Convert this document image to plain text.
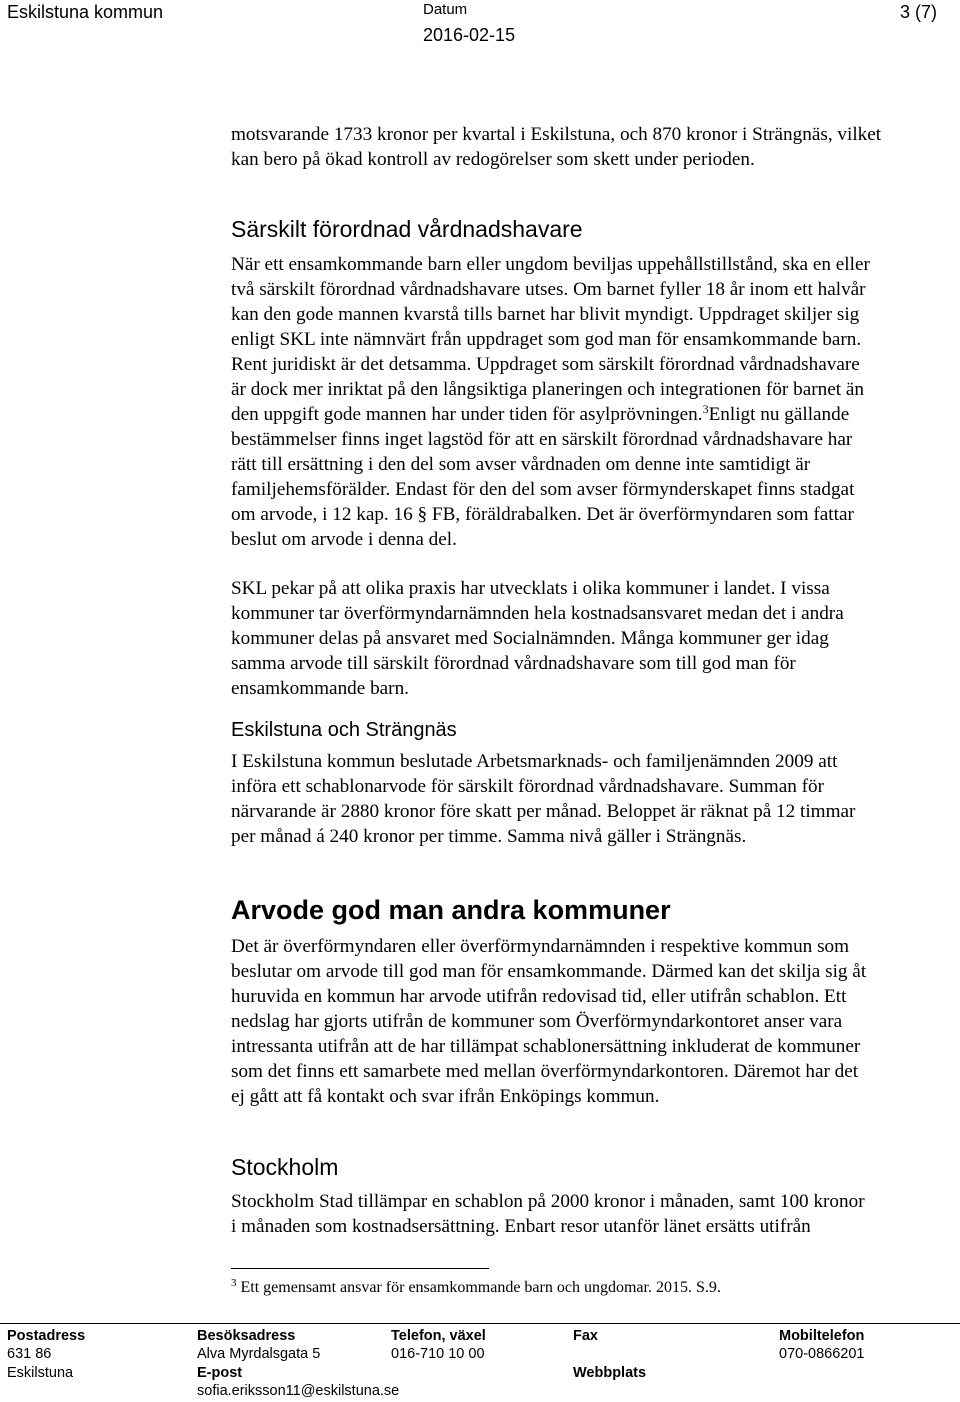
Eskilstuna kommun	Datum
2016-02-15
3 (7)
motsvarande 1733 kronor per kvartal i Eskilstuna, och 870 kronor i Strängnäs, vilket
kan bero på ökad kontroll av redogörelser som skett under perioden.
Särskilt förordnad vårdnadshavare
När ett ensamkommande barn eller ungdom beviljas uppehållstillstånd, ska en eller
två särskilt förordnad vårdnadshavare utses. Om barnet fyller 18 år inom ett halvår
kan den gode mannen kvarstå tills barnet har blivit myndigt. Uppdraget skiljer sig
enligt SKL inte nämnvärt från uppdraget som god man för ensamkommande barn.
Rent juridiskt är det detsamma. Uppdraget som särskilt förordnad vårdnadshavare
är dock mer inriktat på den långsiktiga planeringen och integrationen för barnet än
den uppgift gode mannen har under tiden för asylprövningen.$^3$Enligt nu gällande
bestämmelser finns inget lagstöd för att en särskilt förordnad vårdnadshavare har
rätt till ersättning i den del som avser vårdnaden om denne inte samtidigt är
familjehemsförälder. Endast för den del som avser förmynderskapet finns stadgat
om arvode, i 12 kap. 16 § FB, föräldrabalken. Det är överförmyndaren som fattar
beslut om arvode i denna del.
SKL pekar på att olika praxis har utvecklats i olika kommuner i landet. I vissa
kommuner tar överförmyndarnämnden hela kostnadsansvaret medan det i andra
kommuner delas på ansvaret med Socialnämnden. Många kommuner ger idag
samma arvode till särskilt förordnad vårdnadshavare som till god man för
ensamkommande barn.
Eskilstuna och Strängnäs
I Eskilstuna kommun beslutade Arbetsmarknads- och familjenämnden 2009 att
införa ett schablonarvode för särskilt förordnad vårdnadshavare. Summan för
närvarande är 2880 kronor före skatt per månad. Beloppet är räknat på 12 timmar
per månad á 240 kronor per timme. Samma nivå gäller i Strängnäs.
Arvode god man andra kommuner
Det är överförmyndaren eller överförmyndarnämnden i respektive kommun som
beslutar om arvode till god man för ensamkommande. Därmed kan det skilja sig åt
huruvida en kommun har arvode utifrån redovisad tid, eller utifrån schablon. Ett
nedslag har gjorts utifrån de kommuner som Överförmyndarkontoret anser vara
intressanta utifrån att de har tillämpat schablonersättning inkluderat de kommuner
som det finns ett samarbete med mellan överförmyndarkontoren. Däremot har det
ej gått att få kontakt och svar ifrån Enköpings kommun.
Stockholm
Stockholm Stad tillämpar en schablon på 2000 kronor i månaden, samt 100 kronor
i månaden som kostnadsersättning. Enbart resor utanför länet ersätts utifrån
$^3$ Ett gemensamt ansvar för ensamkommande barn och ungdomar. 2015. S.9.
Postadress
631 86
Eskilstuna
Besöksadress
Alva Myrdalsgata 5
E-post
sofia.eriksson11@eskilstuna.se
Telefon, växel
016-710 10 00
Fax
Webbplats
Mobiltelefon
070-0866201
